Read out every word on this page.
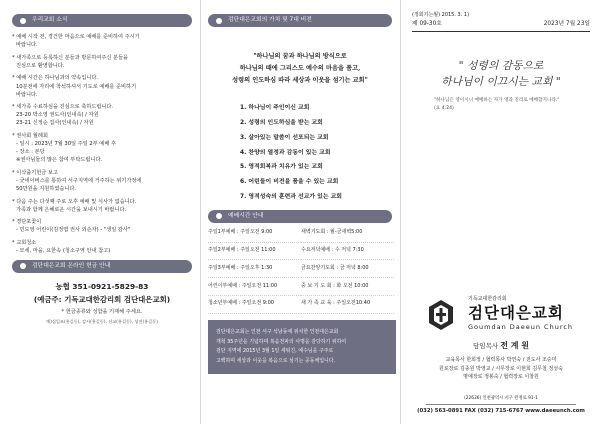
우리교회 소식

* 예배 시작 전, 경건한 마음으로 예배를 준비하여 주시기

바랍니다.

* 새가족으로 등록하신 분들과 방문하여주신 분들을

진심으로 환영합니다.

* 예배 시간은 하나님과의 약속입니다.

10분전에 자리에 착석하셔서 기도로 예배를 준비하기

바랍니다.

* 세가족 수료하심을 진심으로 축하드립니다.

23-20 박소영 권도사(인내속) / 자원

23-21 신정순 집사(인내속) / 자원

* 권사회 월례회

- 일시 : 2023년 7월 30일 주일 2부 예배 후

- 장소 : 본당

※권사님들의 많은 참여 부탁드립니다.

* 이삭줍기헌금 보고

- 굿네이버스를 통하여 서구지역에 거주하는 위기가정에

50만원을 지원하였습니다.

* 다음 주는 다섯째 주로 오후 예배 및 식사가 없습니다.

가족과 함께 은혜로운 시간을 보내시기 바랍니다.

* 경단포꽃이

- 민도영 어린이(김정엽 권사 외손자) - "생일 감사"

* 교회청소

- 모세, 마을, 요한속 (청소구역 안내 참고)

검단대은교회 온라인 헌금 안내
농협 351-0921-5829-83
(예금주: 기독교대한감리회 검단대은교회)
* 헌금종류와 성함을 기재해 주세요.
예)십일조(홍길동), 감사(홍길동), 선교(홍길동), 성전(홍길동)
검단대은교회의 가치 및 7대 비전

"하나님의 꿈과 하나님의 방식으로

하나님의 때에 그리스도 예수의 마음을 품고,

성령의 인도하심 따라 세상과 이웃을 섬기는 교회"

1. 하나님이 주인이신 교회
2. 성령의 인도하심을 받는 교회
3. 살아있는 말씀이 선포되는 교회
4. 찬양의 열정과 감동이 있는 교회
5. 영적회복과 치유가 있는 교회
6. 어린들이 비전을 품을 수 있는 교회
7. 영적성숙의 훈련과 선교가 있는 교회
예배시간 안내
주일1부예배 : 주일오전 9:00	새벽기도회 : 월-금새벽5:00
주일2부예배 : 주일오전 11:00	수요저녁예배 : 수 저녁 7:30
주일3부예배 : 주일오후 1:30	금요찬양기도회 : 금 저녁 8:00
어린이부예배 : 주일오전 11:00	중 보 기 도 회 : 화 오전 10:00
청소년부예배 : 주일오전 9:00	새 가 족 교 육 : 주일오전10:40

검단대은교회는 인천 서구 석남동에 위치한 인천대은교회

개척 35주년을 기념하며 복음전파의 사명을 감당하기 위하여

검단 지역에 2015년 3월 1일 세워진, 예수님을 구주로

고백하며 세상과 이웃을 복음으로 섬기는 공동체입니다.

(정회기는월) 2015. 3. 1)
제 09-30호	2023년 7월 23일

" 성령의 감동으로

하나님이 이끄시는 교회 "

"하나님은 영이시니 예배하는 자가 영과 진리로 예배할지니라."

(요 4:24)

기독교대한감리회
검단대은교회
Goumdan Daeeun Church
담임목사 전 계 원

교육목사 한희정 / 협력목사 박연숙 / 전도사 조승미

원로장로 김종원 박영교 / 시무장로 이현희 김무철 정성숙

명예장로 정봉숙 / 협력장로 이창원

(22636) 인천광역시 서구 완정로 91-1
(032) 563-0891 FAX (032) 715-6767 www.daeeunch.com
